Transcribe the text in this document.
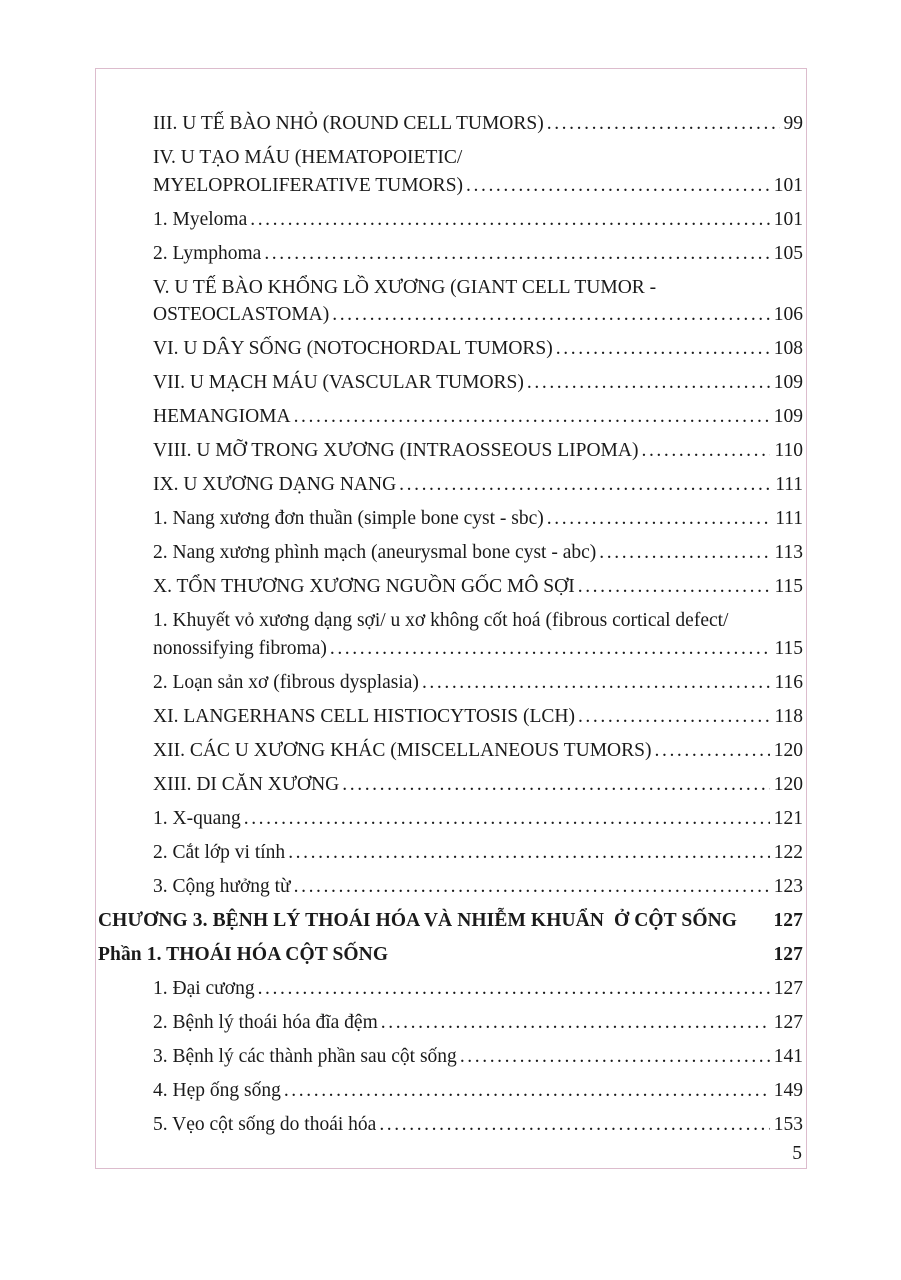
III. U TẾ BÀO NHỎ (ROUND CELL TUMORS) .....	99
IV. U TẠO MÁU (HEMATOPOIETIC/
MYELOPROLIFERATIVE TUMORS) .....	101
1. Myeloma .....	101
2. Lymphoma .....	105
V. U TẾ BÀO KHỔNG LỒ XƯƠNG (GIANT CELL TUMOR -
OSTEOCLASTOMA) .....	106
VI. U DÂY SỐNG (NOTOCHORDAL TUMORS) .....	108
VII. U MẠCH MÁU (VASCULAR TUMORS) .....	109
HEMANGIOMA .....	109
VIII. U MỠ TRONG XƯƠNG (INTRAOSSEOUS LIPOMA) .....	110
IX. U XƯƠNG DẠNG NANG .....	111
1. Nang xương đơn thuần (simple bone cyst - sbc) .....	111
2. Nang xương phình mạch (aneurysmal bone cyst - abc) .....	113
X. TỔN THƯƠNG XƯƠNG NGUỒN GỐC MÔ SỢI .....	115
1. Khuyết vỏ xương dạng sợi/ u xơ không cốt hoá (fibrous cortical defect/
nonossifying fibroma) .....	115
2. Loạn sản xơ (fibrous dysplasia) .....	116
XI. LANGERHANS CELL HISTIOCYTOSIS (LCH) .....	118
XII. CÁC U XƯƠNG KHÁC (MISCELLANEOUS TUMORS) .....	120
XIII. DI CĂN XƯƠNG .....	120
1. X-quang .....	121
2. Cắt lớp vi tính .....	122
3. Cộng hưởng từ .....	123
CHƯƠNG 3. BỆNH LÝ THOÁI HÓA VÀ NHIỄM KHUẨN  Ở CỘT SỐNG 127
Phần 1. THOÁI HÓA CỘT SỐNG	127
1. Đại cương .....	127
2. Bệnh lý thoái hóa đĩa đệm .....	127
3. Bệnh lý các thành phần sau cột sống .....	141
4. Hẹp ống sống .....	149
5. Vẹo cột sống do thoái hóa .....	153
5
